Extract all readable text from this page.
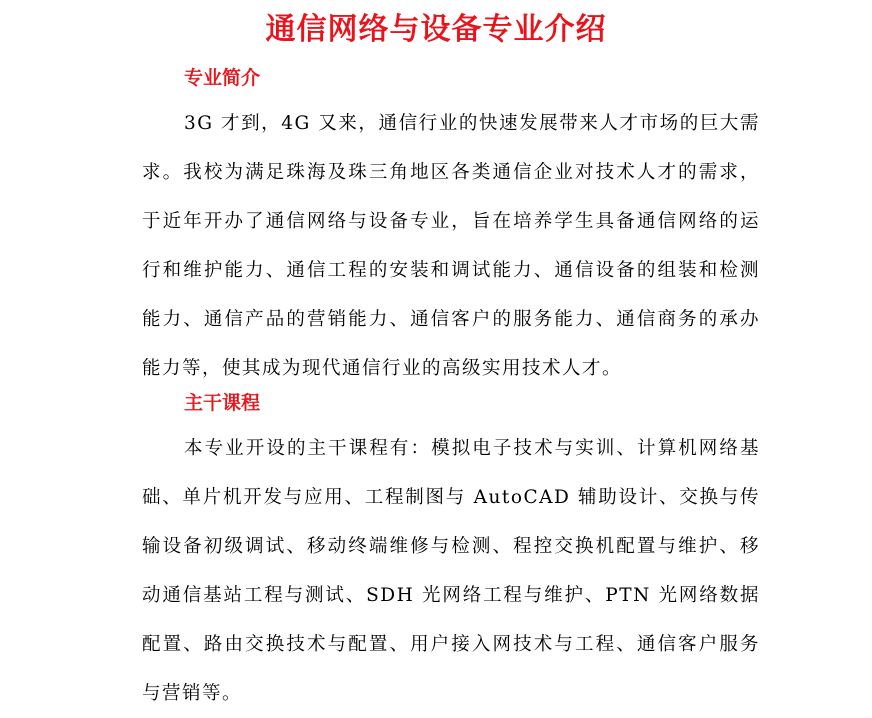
通信网络与设备专业介绍
专业简介

3G 才到，4G 又来，通信行业的快速发展带来人才市场的巨大需求。我校为满足珠海及珠三角地区各类通信企业对技术人才的需求，于近年开办了通信网络与设备专业，旨在培养学生具备通信网络的运行和维护能力、通信工程的安装和调试能力、通信设备的组装和检测能力、通信产品的营销能力、通信客户的服务能力、通信商务的承办能力等，使其成为现代通信行业的高级实用技术人才。

主干课程

本专业开设的主干课程有：模拟电子技术与实训、计算机网络基础、单片机开发与应用、工程制图与 AutoCAD 辅助设计、交换与传输设备初级调试、移动终端维修与检测、程控交换机配置与维护、移动通信基站工程与测试、SDH 光网络工程与维护、PTN 光网络数据配置、路由交换技术与配置、用户接入网技术与工程、通信客户服务与营销等。
